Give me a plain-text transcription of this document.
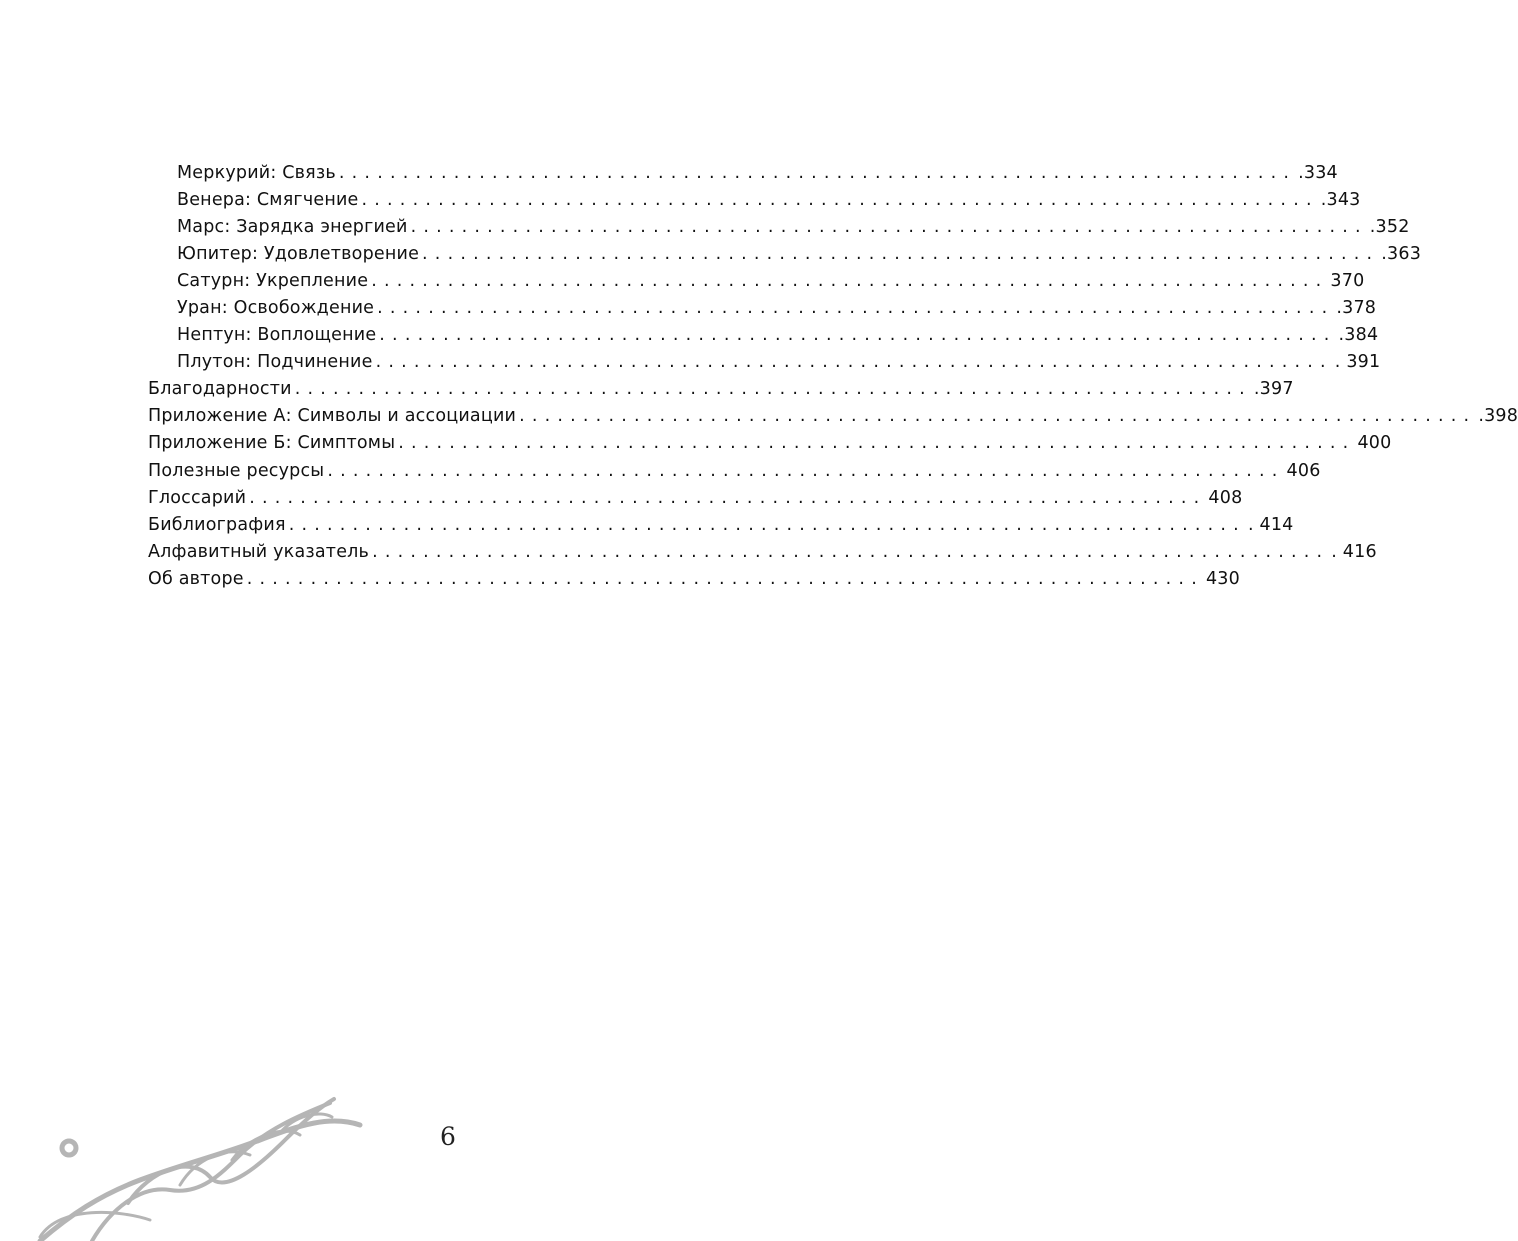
Меркурий: Связь ........................................................................... .334
Венера: Смягчение ........................................................................... .343
Марс: Зарядка энергией ........................................................................... .352
Юпитер: Удовлетворение ........................................................................... .363
Сатурн: Укрепление ........................................................................... 370
Уран: Освобождение ........................................................................... .378
Нептун: Воплощение ........................................................................... .384
Плутон: Подчинение ........................................................................... . 391
Благодарности ........................................................................... .397
Приложение А: Символы и ассоциации ........................................................................... .398
Приложение Б: Симптомы ........................................................................... 400
Полезные ресурсы ........................................................................... 406
Глоссарий ........................................................................... 408
Библиография ........................................................................... . 414
Алфавитный указатель ........................................................................... . 416
Об авторе ........................................................................... 430
6
